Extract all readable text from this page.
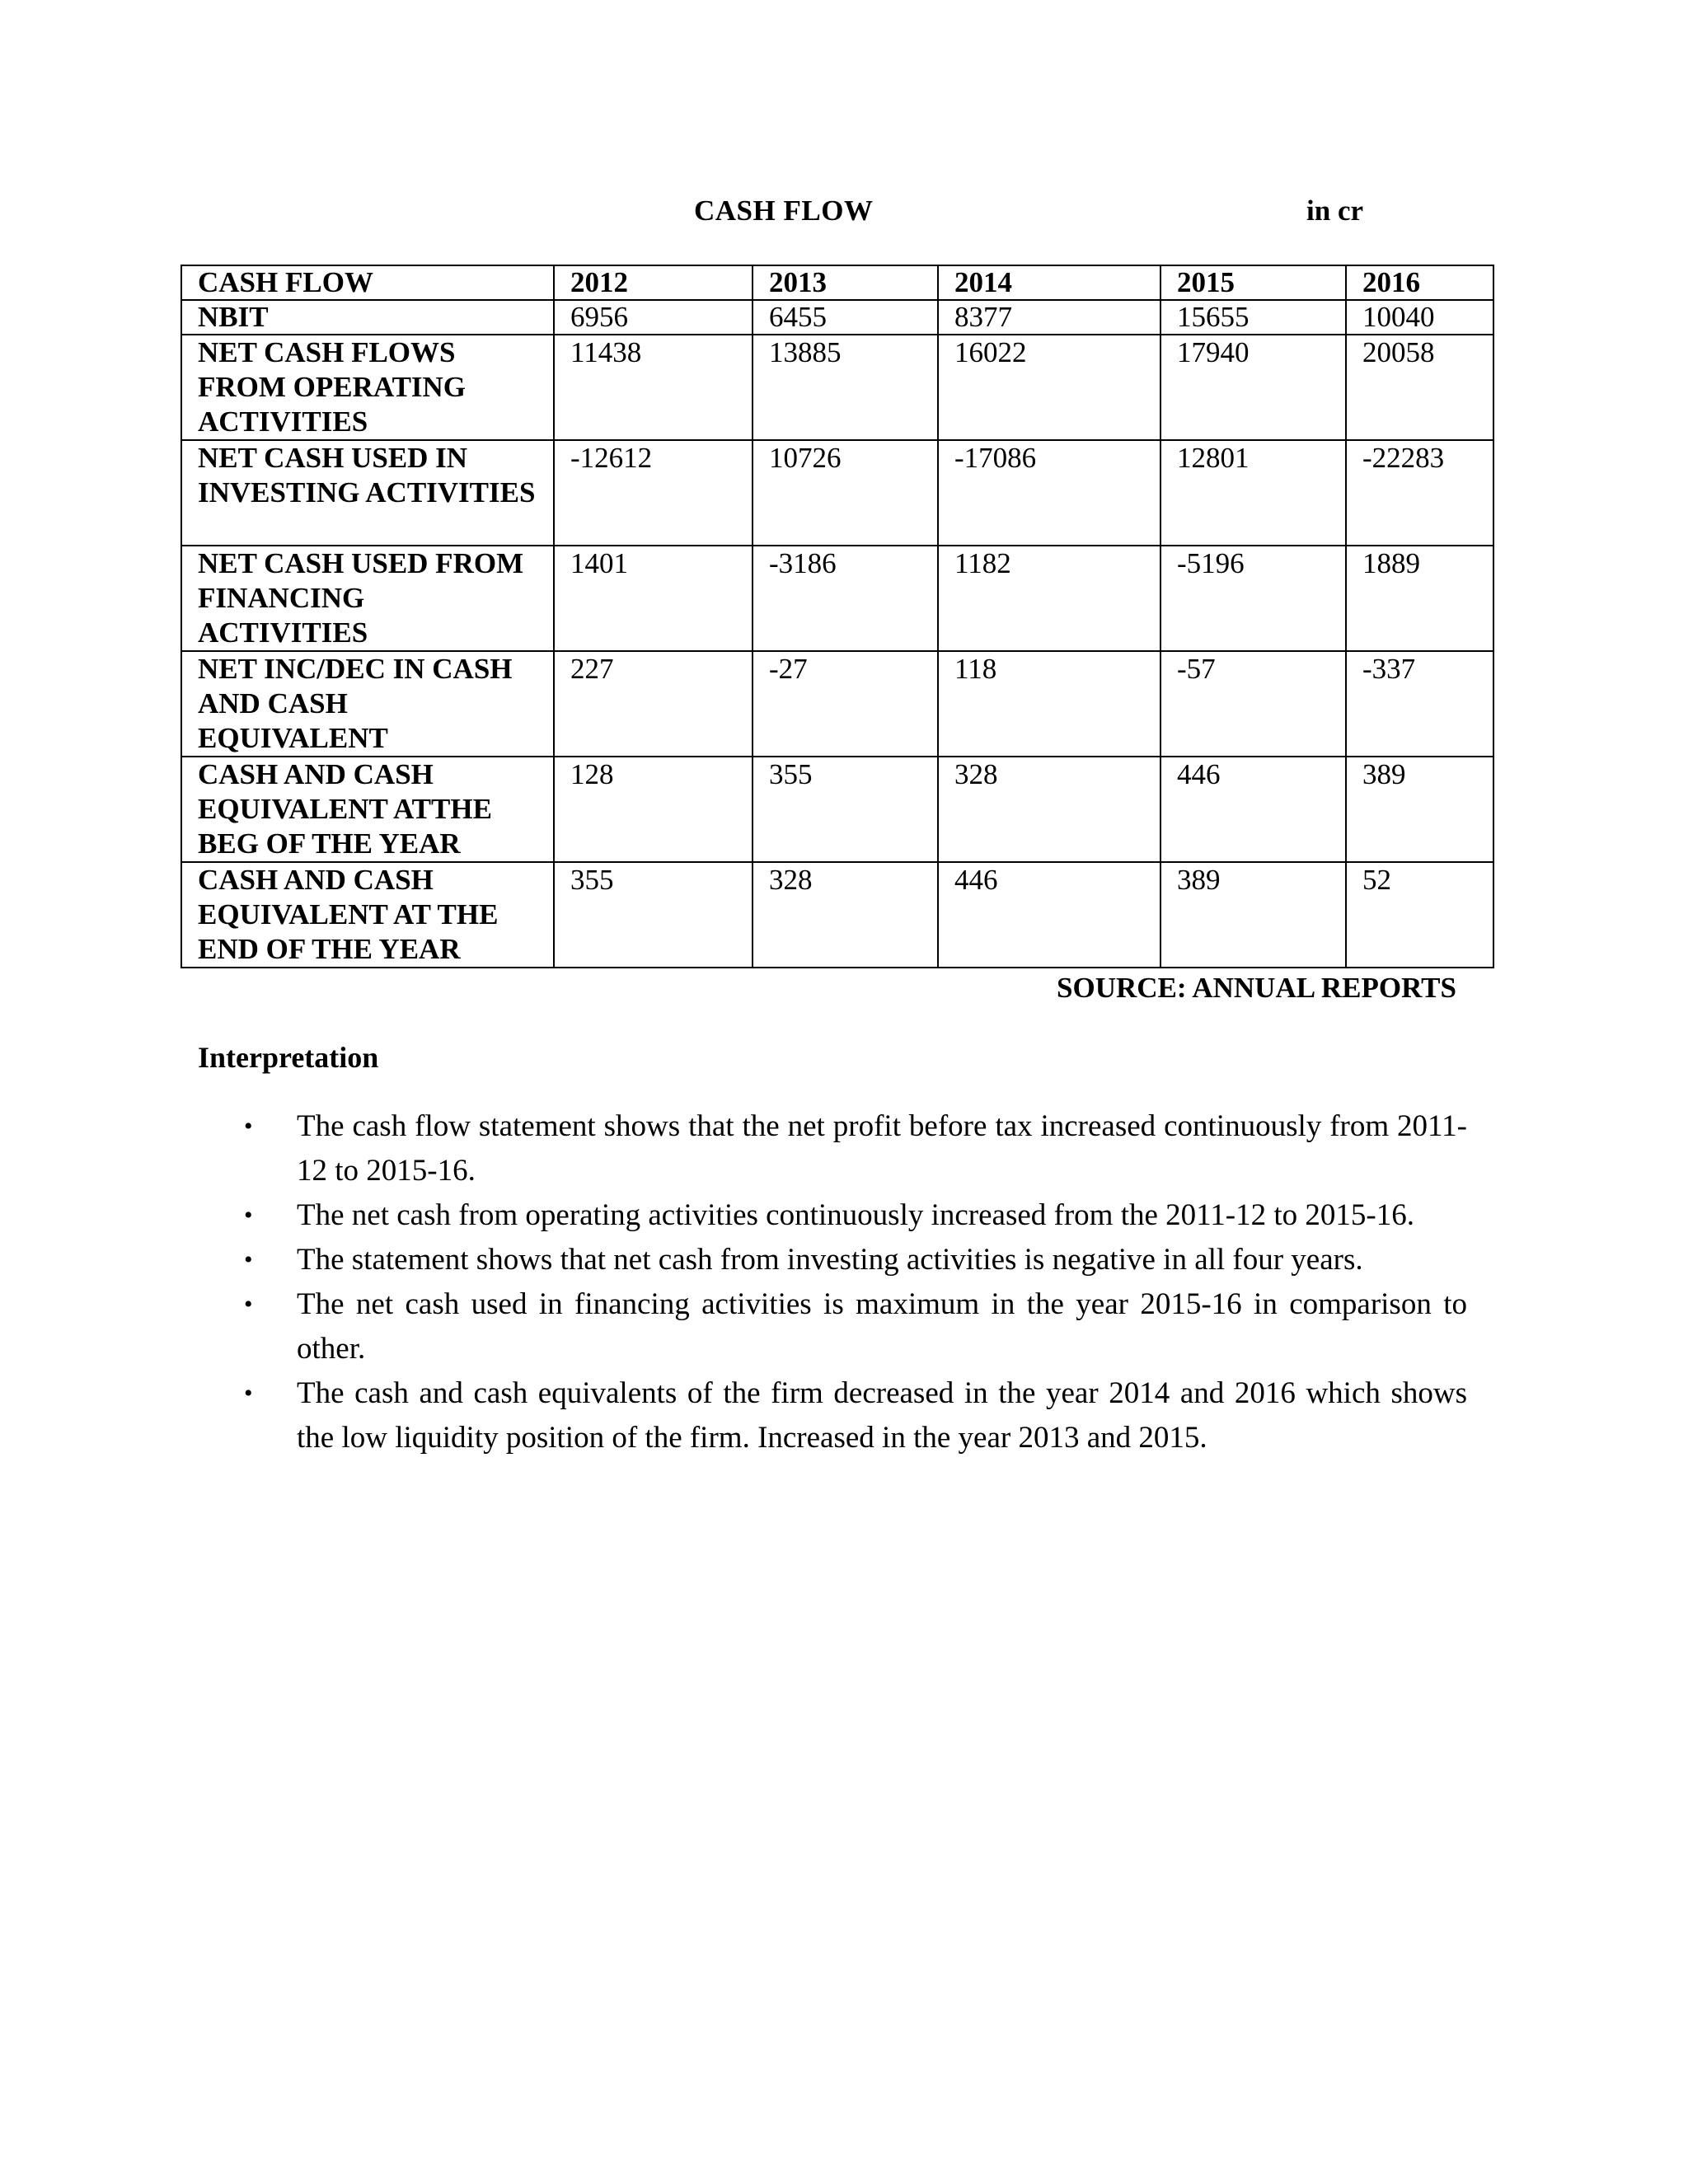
CASH FLOW	in cr
CASH FLOW	2012	2013	2014	2015	2016
NBIT	6956	6455	8377	15655	10040
NET CASH FLOWS FROM OPERATING ACTIVITIES	11438	13885	16022	17940	20058
NET CASH USED IN INVESTING ACTIVITIES	-12612	10726	-17086	12801	-22283
NET CASH USED FROM FINANCING ACTIVITIES	1401	-3186	1182	-5196	1889
NET INC/DEC IN CASH AND CASH EQUIVALENT	227	-27	118	-57	-337
CASH AND CASH EQUIVALENT ATTHE BEG OF THE YEAR	128	355	328	446	389
CASH AND CASH EQUIVALENT AT THE END OF THE YEAR	355	328	446	389	52
SOURCE: ANNUAL REPORTS
Interpretation
• The cash flow statement shows that the net profit before tax increased continuously from 2011-12 to 2015-16.
• The net cash from operating activities continuously increased from the 2011-12 to 2015-16.
• The statement shows that net cash from investing activities is negative in all four years.
• The net cash used in financing activities is maximum in the year 2015-16 in comparison to other.
• The cash and cash equivalents of the firm decreased in the year 2014 and 2016 which shows the low liquidity position of the firm. Increased in the year 2013 and 2015.
